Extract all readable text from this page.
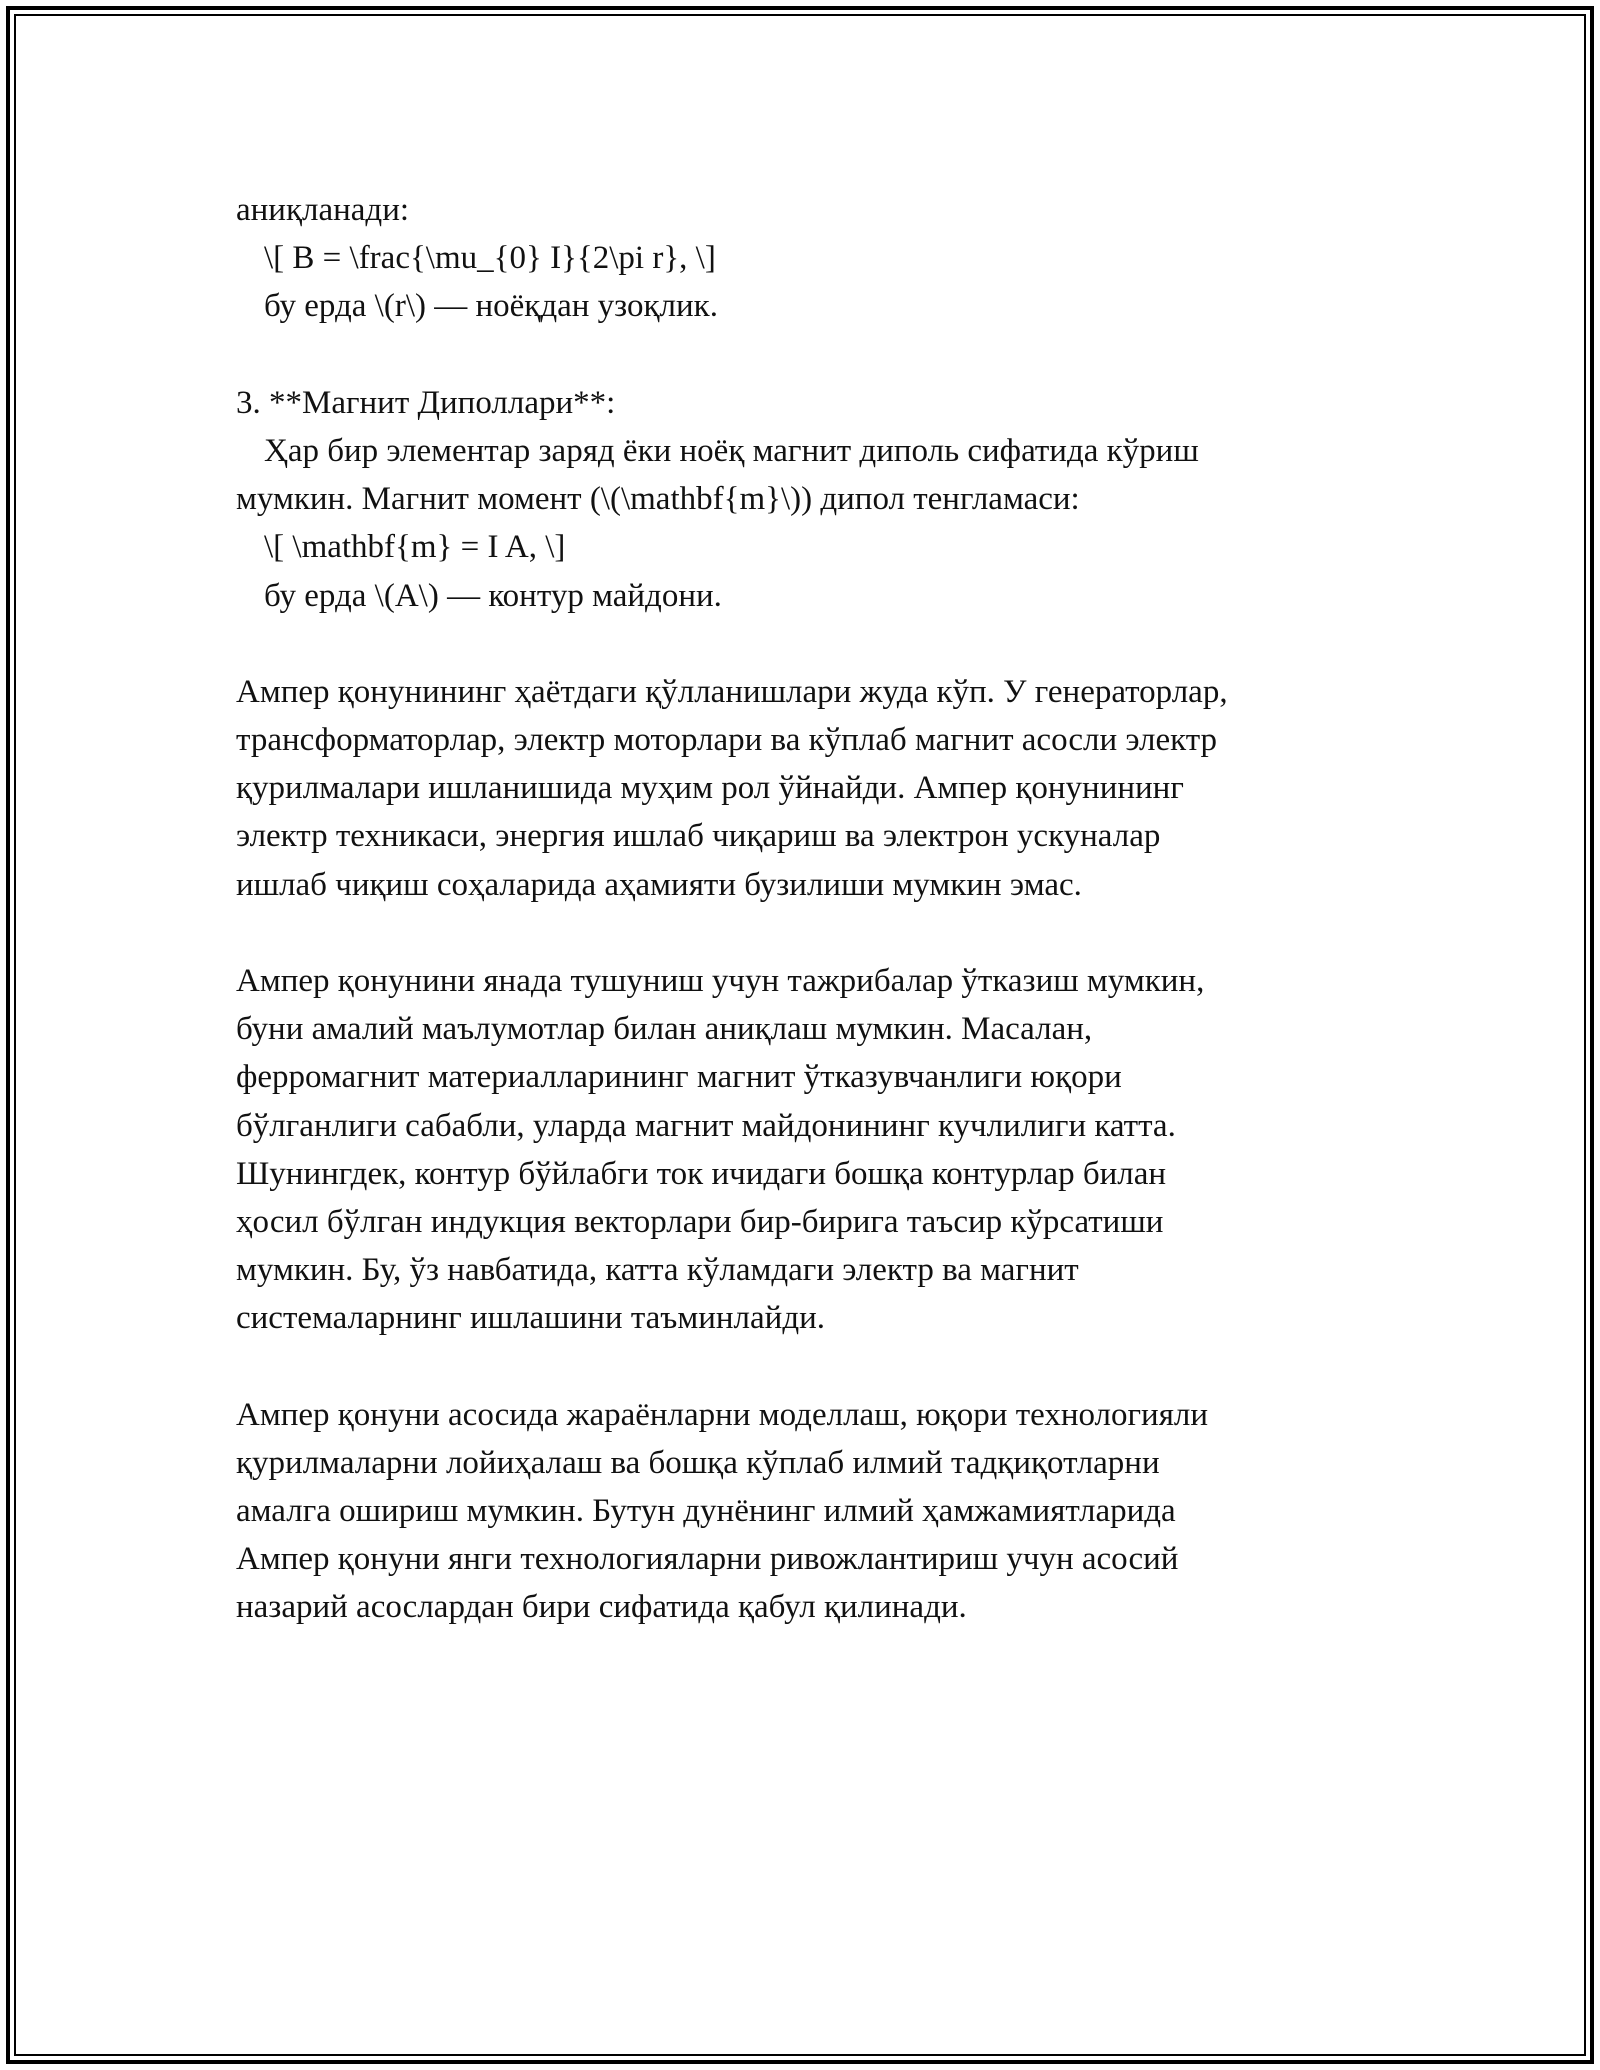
аниқланади:
\[ B = \frac{\mu_{0} I}{2\pi r}, \]
бу ерда \(r\) — ноёқдан узоқлик.
3. **Магнит Диполлари**:
Ҳар бир элементар заряд ёки ноёқ магнит диполь сифатида кўриш
мумкин. Магнит момент (\(\mathbf{m}\)) дипол тенгламаси:
\[ \mathbf{m} = I A, \]
бу ерда \(A\) — контур майдони.
Ампер қонунининг ҳаётдаги қўлланишлари жуда кўп. У генераторлар,
трансформаторлар, электр моторлари ва кўплаб магнит асосли электр
қурилмалари ишланишида муҳим рол ўйнайди. Ампер қонунининг
электр техникаси, энергия ишлаб чиқариш ва электрон ускуналар
ишлаб чиқиш соҳаларида аҳамияти бузилиши мумкин эмас.
Ампер қонунини янада тушуниш учун тажрибалар ўтказиш мумкин,
буни амалий маълумотлар билан аниқлаш мумкин. Масалан,
ферромагнит материалларининг магнит ўтказувчанлиги юқори
бўлганлиги сабабли, уларда магнит майдонининг кучлилиги катта.
Шунингдек, контур бўйлабги ток ичидаги бошқа контурлар билан
ҳосил бўлган индукция векторлари бир-бирига таъсир кўрсатиши
мумкин. Бу, ўз навбатида, катта кўламдаги электр ва магнит
системаларнинг ишлашини таъминлайди.
Ампер қонуни асосида жараёнларни моделлаш, юқори технологияли
қурилмаларни лойиҳалаш ва бошқа кўплаб илмий тадқиқотларни
амалга ошириш мумкин. Бутун дунёнинг илмий ҳамжамиятларида
Ампер қонуни янги технологияларни ривожлантириш учун асосий
назарий асослардан бири сифатида қабул қилинади.
